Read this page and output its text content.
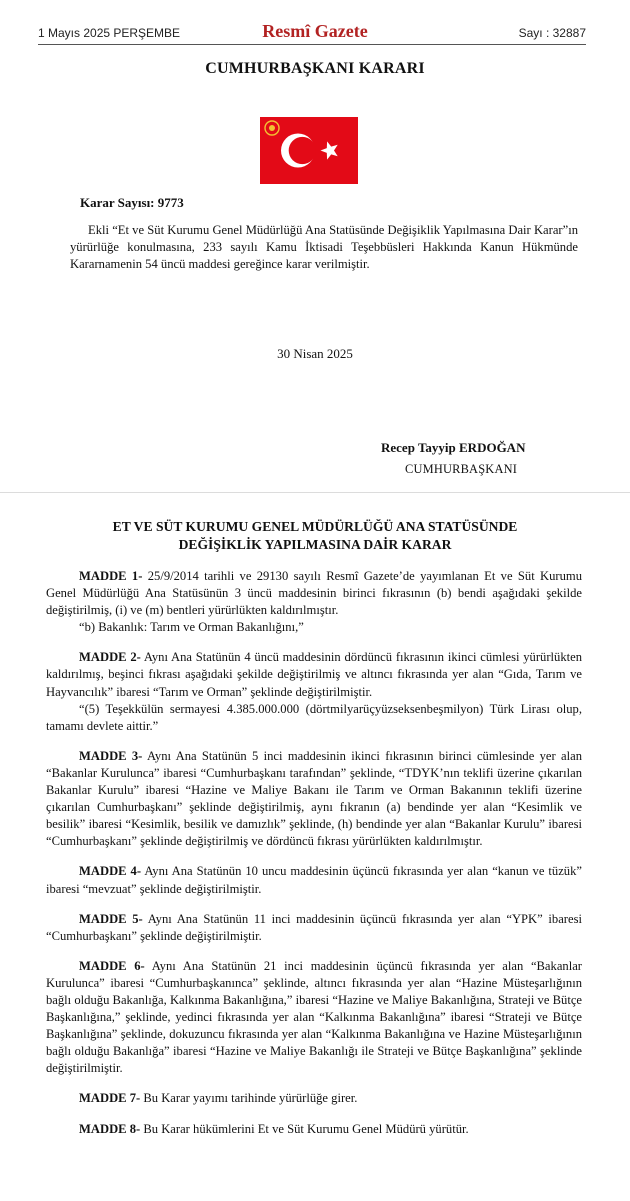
1 Mayıs 2025 PERŞEMBE	Resmî Gazete	Sayı : 32887
CUMHURBAŞKANI KARARI
Karar Sayısı: 9773

Ekli “Et ve Süt Kurumu Genel Müdürlüğü Ana Statüsünde Değişiklik Yapılmasına Dair Karar”ın yürürlüğe konulmasına, 233 sayılı Kamu İktisadi Teşebbüsleri Hakkında Kanun Hükmünde Kararnamenin 54 üncü maddesi gereğince karar verilmiştir.

30 Nisan 2025
Recep Tayyip ERDOĞAN
CUMHURBAŞKANI
ET VE SÜT KURUMU GENEL MÜDÜRLÜĞÜ ANA STATÜSÜNDE
DEĞİŞİKLİK YAPILMASINA DAİR KARAR

MADDE 1- 25/9/2014 tarihli ve 29130 sayılı Resmî Gazete’de yayımlanan Et ve Süt Kurumu Genel Müdürlüğü Ana Statüsünün 3 üncü maddesinin birinci fıkrasının (b) bendi aşağıdaki şekilde değiştirilmiş, (i) ve (m) bentleri yürürlükten kaldırılmıştır.

“b) Bakanlık: Tarım ve Orman Bakanlığını,”

MADDE 2- Aynı Ana Statünün 4 üncü maddesinin dördüncü fıkrasının ikinci cümlesi yürürlükten kaldırılmış, beşinci fıkrası aşağıdaki şekilde değiştirilmiş ve altıncı fıkrasında yer alan “Gıda, Tarım ve Hayvancılık” ibaresi “Tarım ve Orman” şeklinde değiştirilmiştir.

“(5) Teşekkülün sermayesi 4.385.000.000 (dörtmilyarüçyüzseksenbeşmilyon) Türk Lirası olup, tamamı devlete aittir.”

MADDE 3- Aynı Ana Statünün 5 inci maddesinin ikinci fıkrasının birinci cümlesinde yer alan “Bakanlar Kurulunca” ibaresi “Cumhurbaşkanı tarafından” şeklinde, “TDYK’nın teklifi üzerine çıkarılan Bakanlar Kurulu” ibaresi “Hazine ve Maliye Bakanı ile Tarım ve Orman Bakanının teklifi üzerine çıkarılan Cumhurbaşkanı” şeklinde değiştirilmiş, aynı fıkranın (a) bendinde yer alan “Kesimlik ve besilik” ibaresi “Kesimlik, besilik ve damızlık” şeklinde, (h) bendinde yer alan “Bakanlar Kurulu” ibaresi “Cumhurbaşkanı” şeklinde değiştirilmiş ve dördüncü fıkrası yürürlükten kaldırılmıştır.

MADDE 4- Aynı Ana Statünün 10 uncu maddesinin üçüncü fıkrasında yer alan “kanun ve tüzük” ibaresi “mevzuat” şeklinde değiştirilmiştir.

MADDE 5- Aynı Ana Statünün 11 inci maddesinin üçüncü fıkrasında yer alan “YPK” ibaresi “Cumhurbaşkanı” şeklinde değiştirilmiştir.

MADDE 6- Aynı Ana Statünün 21 inci maddesinin üçüncü fıkrasında yer alan “Bakanlar Kurulunca” ibaresi “Cumhurbaşkanınca” şeklinde, altıncı fıkrasında yer alan “Hazine Müsteşarlığının bağlı olduğu Bakanlığa, Kalkınma Bakanlığına,” ibaresi “Hazine ve Maliye Bakanlığına, Strateji ve Bütçe Başkanlığına,” şeklinde, yedinci fıkrasında yer alan “Kalkınma Bakanlığına” ibaresi “Strateji ve Bütçe Başkanlığına” şeklinde, dokuzuncu fıkrasında yer alan “Kalkınma Bakanlığına ve Hazine Müsteşarlığının bağlı olduğu Bakanlığa” ibaresi “Hazine ve Maliye Bakanlığı ile Strateji ve Bütçe Başkanlığına” şeklinde değiştirilmiştir.

MADDE 7- Bu Karar yayımı tarihinde yürürlüğe girer.

MADDE 8- Bu Karar hükümlerini Et ve Süt Kurumu Genel Müdürü yürütür.
